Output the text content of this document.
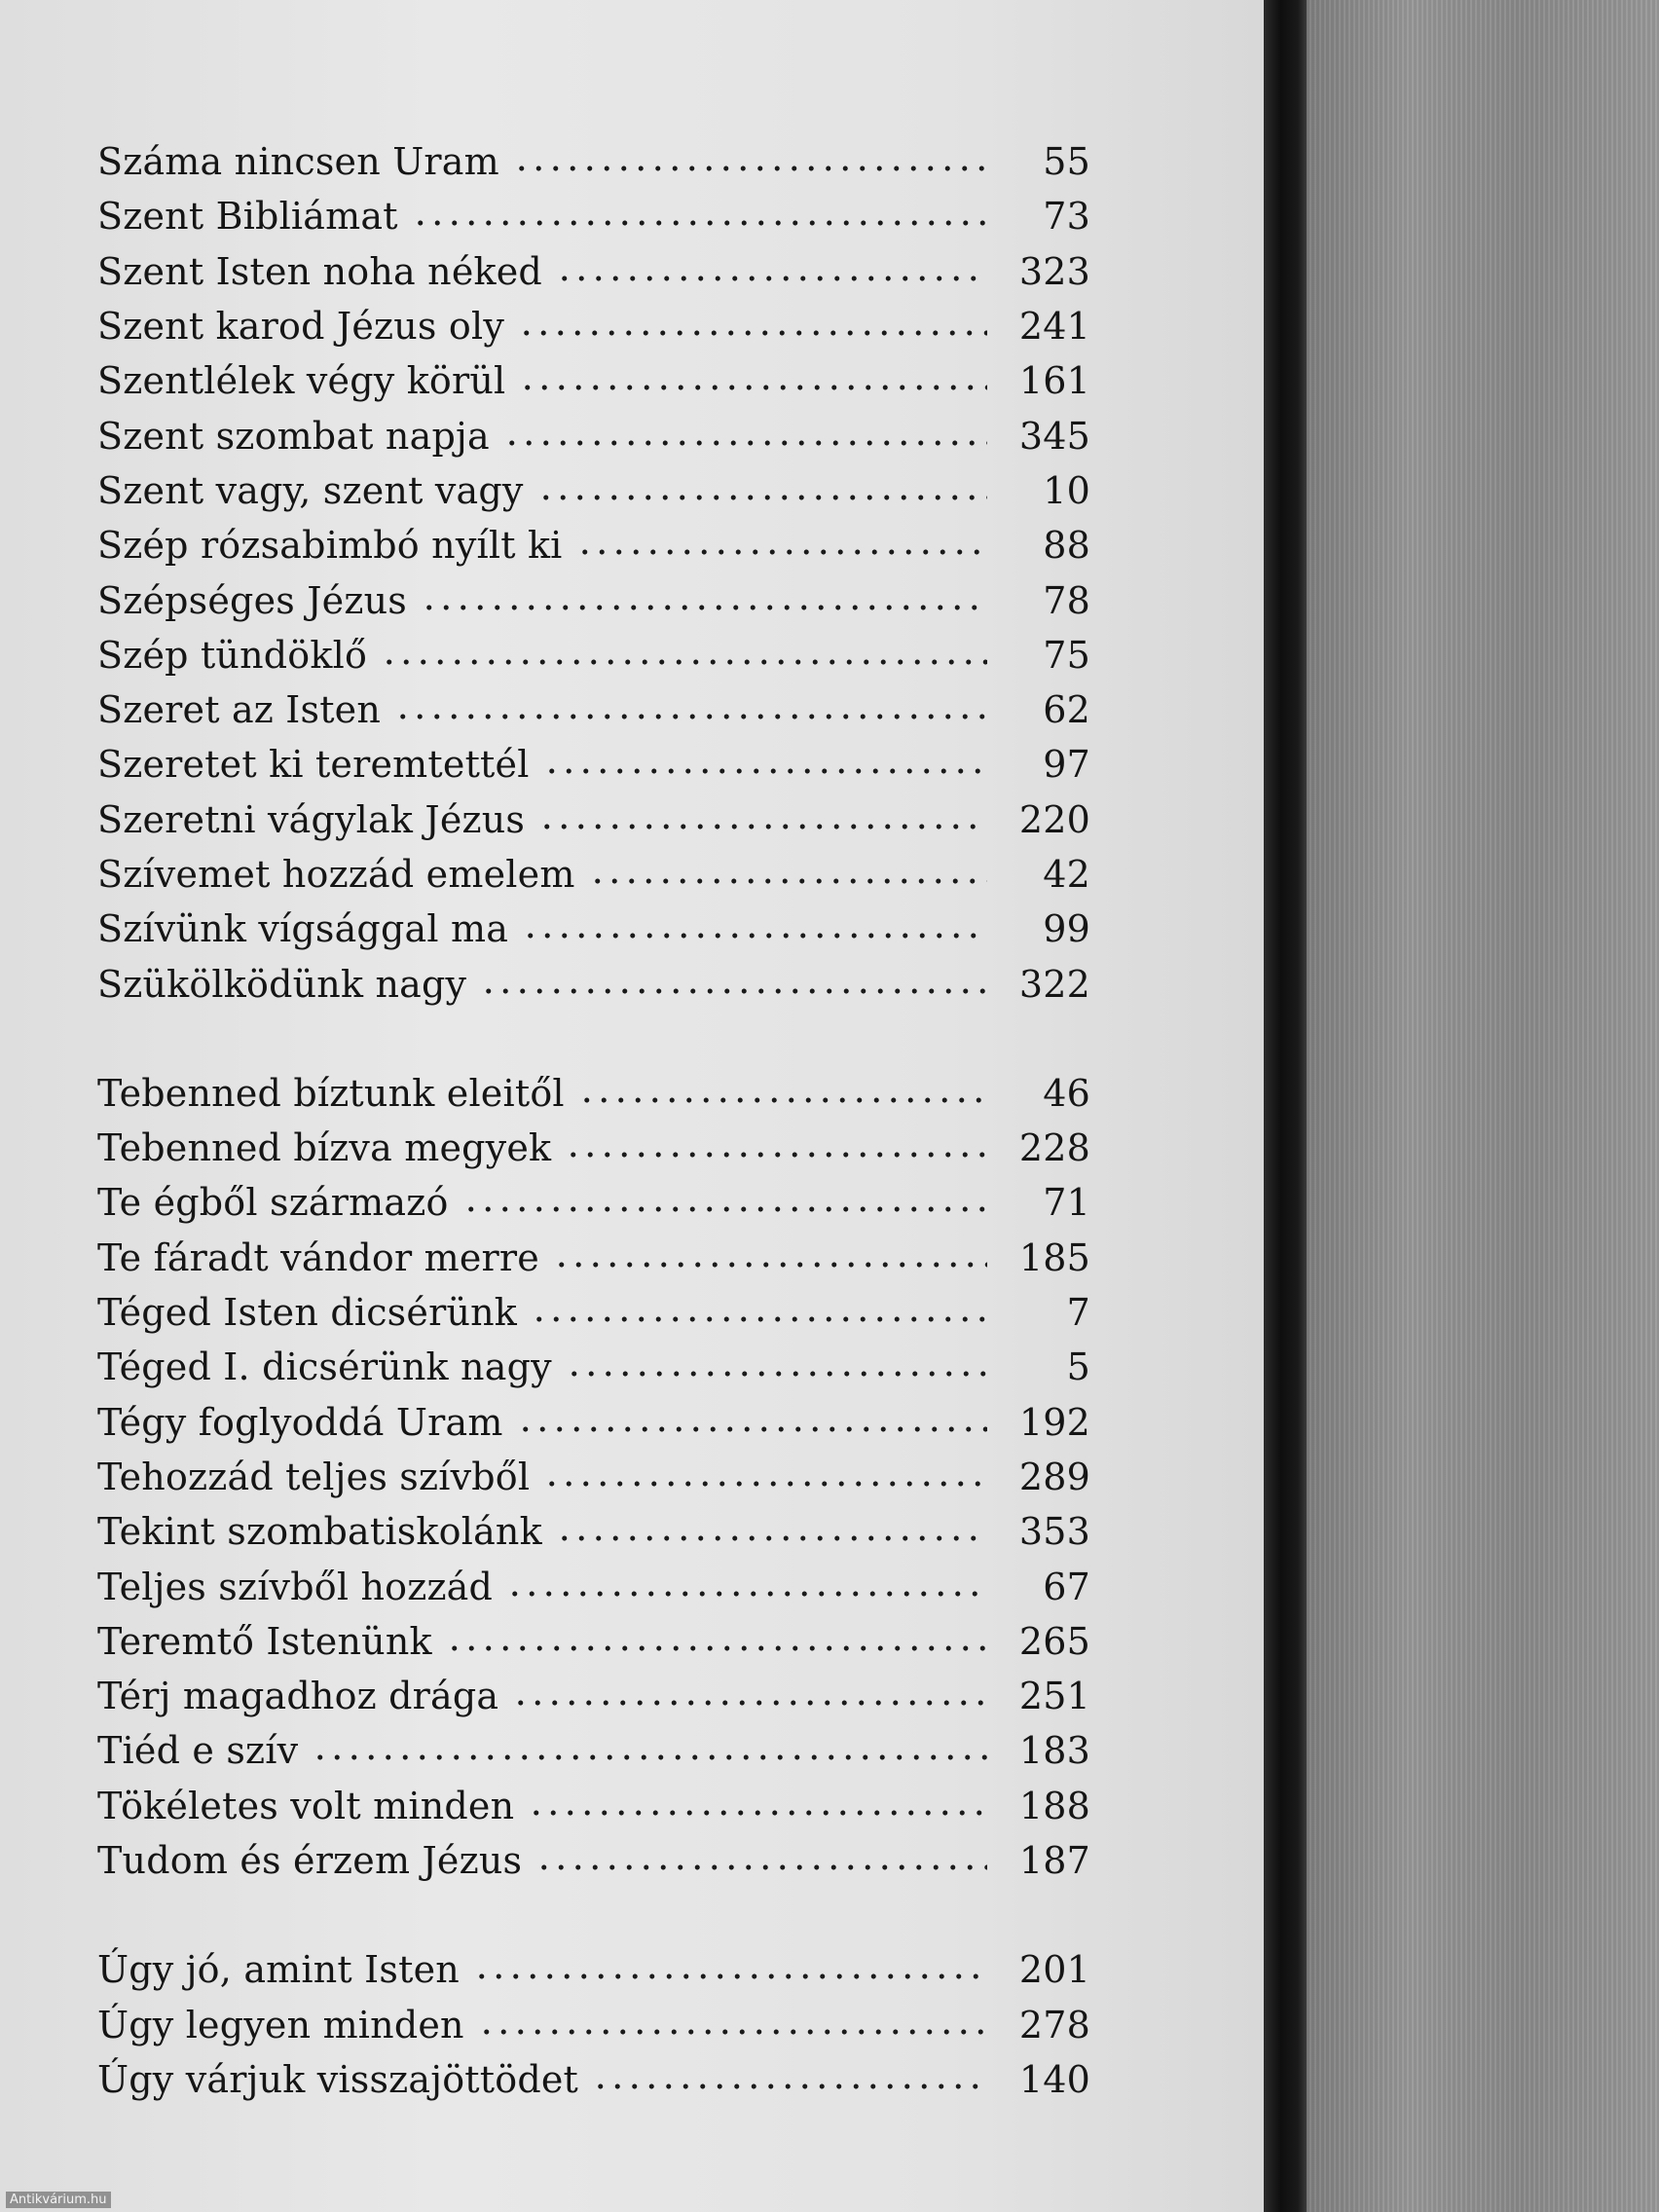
Száma nincsen Uram	55
Szent Bibliámat	73
Szent Isten noha néked	323
Szent karod Jézus oly	241
Szentlélek végy körül	161
Szent szombat napja	345
Szent vagy, szent vagy	10
Szép rózsabimbó nyílt ki	88
Szépséges Jézus	78
Szép tündöklő	75
Szeret az Isten	62
Szeretet ki teremtettél	97
Szeretni vágylak Jézus	220
Szívemet hozzád emelem	42
Szívünk vígsággal ma	99
Szükölködünk nagy	322
Tebenned bíztunk eleitől	46
Tebenned bízva megyek	228
Te égből származó	71
Te fáradt vándor merre	185
Téged Isten dicsérünk	7
Téged I. dicsérünk nagy	5
Tégy foglyoddá Uram	192
Tehozzád teljes szívből	289
Tekint szombatiskolánk	353
Teljes szívből hozzád	67
Teremtő Istenünk	265
Térj magadhoz drága	251
Tiéd e szív	183
Tökéletes volt minden	188
Tudom és érzem Jézus	187
Úgy jó, amint Isten	201
Úgy legyen minden	278
Úgy várjuk visszajöttödet	140
Antikvárium.hu
